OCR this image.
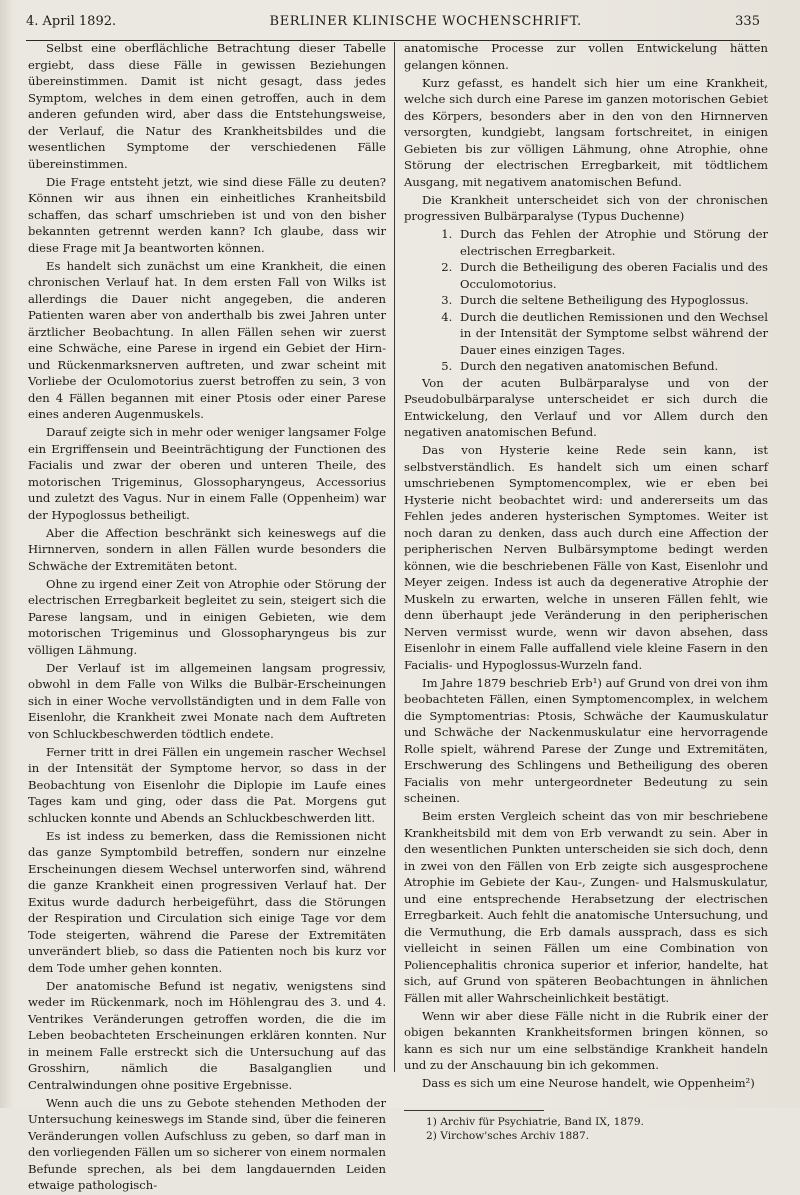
4. April 1892.	BERLINER KLINISCHE WOCHENSCHRIFT.	335

Selbst eine oberflächliche Betrachtung dieser Tabelle ergiebt, dass diese Fälle in gewissen Beziehungen übereinstimmen. Damit ist nicht gesagt, dass jedes Symptom, welches in dem einen getroffen, auch in dem anderen gefunden wird, aber dass die Entstehungsweise, der Verlauf, die Natur des Krankheitsbildes und die wesentlichen Symptome der verschiedenen Fälle übereinstimmen.

Die Frage entsteht jetzt, wie sind diese Fälle zu deuten? Können wir aus ihnen ein einheitliches Kranheitsbild schaffen, das scharf umschrieben ist und von den bisher bekannten getrennt werden kann? Ich glaube, dass wir diese Frage mit Ja beantworten können.

Es handelt sich zunächst um eine Krankheit, die einen chronischen Verlauf hat. In dem ersten Fall von Wilks ist allerdings die Dauer nicht angegeben, die anderen Patienten waren aber von anderthalb bis zwei Jahren unter ärztlicher Beobachtung. In allen Fällen sehen wir zuerst eine Schwäche, eine Parese in irgend ein Gebiet der Hirn- und Rückenmarksnerven auftreten, und zwar scheint mit Vorliebe der Oculomotorius zuerst betroffen zu sein, 3 von den 4 Fällen begannen mit einer Ptosis oder einer Parese eines anderen Augenmuskels.

Darauf zeigte sich in mehr oder weniger langsamer Folge ein Ergriffensein und Beeinträchtigung der Functionen des Facialis und zwar der oberen und unteren Theile, des motorischen Trigeminus, Glossopharyngeus, Accessorius und zuletzt des Vagus. Nur in einem Falle (Oppenheim) war der Hypoglossus betheiligt.

Aber die Affection beschränkt sich keineswegs auf die Hirnnerven, sondern in allen Fällen wurde besonders die Schwäche der Extremitäten betont.

Ohne zu irgend einer Zeit von Atrophie oder Störung der electrischen Erregbarkeit begleitet zu sein, steigert sich die Parese langsam, und in einigen Gebieten, wie dem motorischen Trigeminus und Glossopharyngeus bis zur völligen Lähmung.

Der Verlauf ist im allgemeinen langsam progressiv, obwohl in dem Falle von Wilks die Bulbär-Erscheinungen sich in einer Woche vervollständigten und in dem Falle von Eisenlohr, die Krankheit zwei Monate nach dem Auftreten von Schluckbeschwerden tödtlich endete.

Ferner tritt in drei Fällen ein ungemein rascher Wechsel in der Intensität der Symptome hervor, so dass in der Beobachtung von Eisenlohr die Diplopie im Laufe eines Tages kam und ging, oder dass die Pat. Morgens gut schlucken konnte und Abends an Schluckbeschwerden litt.

Es ist indess zu bemerken, dass die Remissionen nicht das ganze Symptombild betreffen, sondern nur einzelne Erscheinungen diesem Wechsel unterworfen sind, während die ganze Krankheit einen progressiven Verlauf hat. Der Exitus wurde dadurch herbeigeführt, dass die Störungen der Respiration und Circulation sich einige Tage vor dem Tode steigerten, während die Parese der Extremitäten unverändert blieb, so dass die Patienten noch bis kurz vor dem Tode umher gehen konnten.

Der anatomische Befund ist negativ, wenigstens sind weder im Rückenmark, noch im Höhlengrau des 3. und 4. Ventrikes Veränderungen getroffen worden, die die im Leben beobachteten Erscheinungen erklären konnten. Nur in meinem Falle erstreckt sich die Untersuchung auf das Grosshirn, nämlich die Basalganglien und Centralwindungen ohne positive Ergebnisse.

Wenn auch die uns zu Gebote stehenden Methoden der Untersuchung keineswegs im Stande sind, über die feineren Veränderungen vollen Aufschluss zu geben, so darf man in den vorliegenden Fällen um so sicherer von einem normalen Befunde sprechen, als bei dem langdauernden Leiden etwaige pathologisch-

anatomische Processe zur vollen Entwickelung hätten gelangen können.

Kurz gefasst, es handelt sich hier um eine Krankheit, welche sich durch eine Parese im ganzen motorischen Gebiet des Körpers, besonders aber in den von den Hirnnerven versorgten, kundgiebt, langsam fortschreitet, in einigen Gebieten bis zur völligen Lähmung, ohne Atrophie, ohne Störung der electrischen Erregbarkeit, mit tödtlichem Ausgang, mit negativem anatomischen Befund.

Die Krankheit unterscheidet sich von der chronischen progressiven Bulbärparalyse (Typus Duchenne)

1. Durch das Fehlen der Atrophie und Störung der electrischen Erregbarkeit.
2. Durch die Betheiligung des oberen Facialis und des Occulomotorius.
3. Durch die seltene Betheiligung des Hypoglossus.
4. Durch die deutlichen Remissionen und den Wechsel in der Intensität der Symptome selbst während der Dauer eines einzigen Tages.
5. Durch den negativen anatomischen Befund.

Von der acuten Bulbärparalyse und von der Pseudobulbärparalyse unterscheidet er sich durch die Entwickelung, den Verlauf und vor Allem durch den negativen anatomischen Befund.

Das von Hysterie keine Rede sein kann, ist selbstverständlich. Es handelt sich um einen scharf umschriebenen Symptomencomplex, wie er eben bei Hysterie nicht beobachtet wird: und andererseits um das Fehlen jedes anderen hysterischen Symptomes. Weiter ist noch daran zu denken, dass auch durch eine Affection der peripherischen Nerven Bulbärsymptome bedingt werden können, wie die beschriebenen Fälle von Kast, Eisenlohr und Meyer zeigen. Indess ist auch da degenerative Atrophie der Muskeln zu erwarten, welche in unseren Fällen fehlt, wie denn überhaupt jede Veränderung in den peripherischen Nerven vermisst wurde, wenn wir davon absehen, dass Eisenlohr in einem Falle auffallend viele kleine Fasern in den Facialis- und Hypoglossus-Wurzeln fand.

Im Jahre 1879 beschrieb Erb¹) auf Grund von drei von ihm beobachteten Fällen, einen Symptomencomplex, in welchem die Symptomentrias: Ptosis, Schwäche der Kaumuskulatur und Schwäche der Nackenmuskulatur eine hervorragende Rolle spielt, während Parese der Zunge und Extremitäten, Erschwerung des Schlingens und Betheiligung des oberen Facialis von mehr untergeordneter Bedeutung zu sein scheinen.

Beim ersten Vergleich scheint das von mir beschriebene Krankheitsbild mit dem von Erb verwandt zu sein. Aber in den wesentlichen Punkten unterscheiden sie sich doch, denn in zwei von den Fällen von Erb zeigte sich ausgesprochene Atrophie im Gebiete der Kau-, Zungen- und Halsmuskulatur, und eine entsprechende Herabsetzung der electrischen Erregbarkeit. Auch fehlt die anatomische Untersuchung, und die Vermuthung, die Erb damals aussprach, dass es sich vielleicht in seinen Fällen um eine Combination von Poliencephalitis chronica superior et inferior, handelte, hat sich, auf Grund von späteren Beobachtungen in ähnlichen Fällen mit aller Wahrscheinlichkeit bestätigt.

Wenn wir aber diese Fälle nicht in die Rubrik einer der obigen bekannten Krankheitsformen bringen können, so kann es sich nur um eine selbständige Krankheit handeln und zu der Anschauung bin ich gekommen.

Dass es sich um eine Neurose handelt, wie Oppenheim²)

1) Archiv für Psychiatrie, Band IX, 1879.
2) Virchow'sches Archiv 1887.
